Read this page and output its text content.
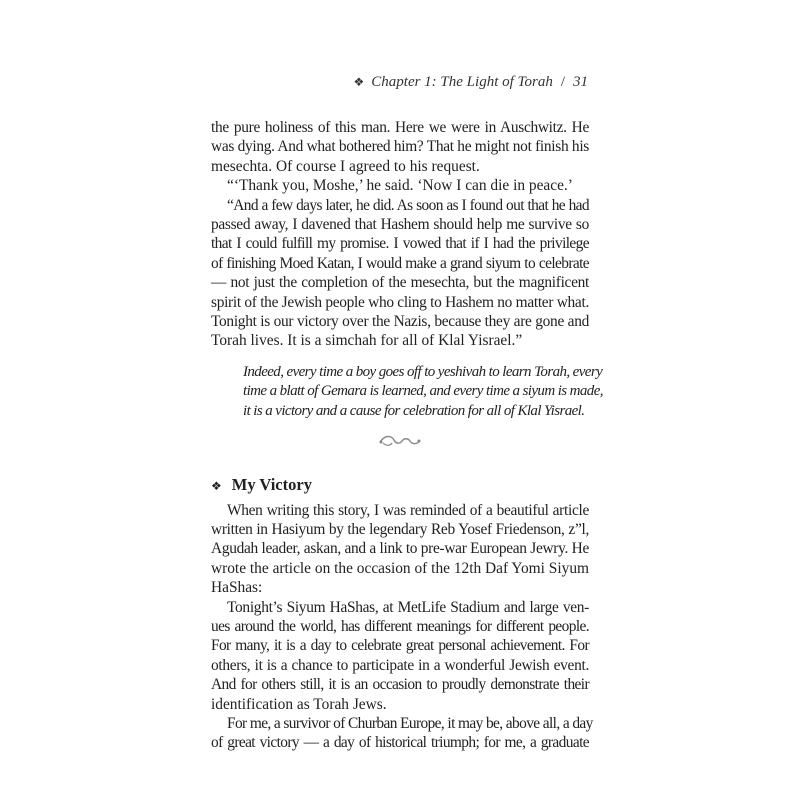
❖ Chapter 1: The Light of Torah / 31

the pure holiness of this man. Here we were in Auschwitz. He
was dying. And what bothered him? That he might not finish his
mesechta. Of course I agreed to his request.

“‘Thank you, Moshe,’ he said. ‘Now I can die in peace.’

“And a few days later, he did. As soon as I found out that he had
passed away, I davened that Hashem should help me survive so
that I could fulfill my promise. I vowed that if I had the privilege
of finishing Moed Katan, I would make a grand siyum to celebrate
— not just the completion of the mesechta, but the magnificent
spirit of the Jewish people who cling to Hashem no matter what.
Tonight is our victory over the Nazis, because they are gone and
Torah lives. It is a simchah for all of Klal Yisrael.”

Indeed, every time a boy goes off to yeshivah to learn Torah, every
time a blatt of Gemara is learned, and every time a siyum is made,
it is a victory and a cause for celebration for all of Klal Yisrael.

❖ My Victory

When writing this story, I was reminded of a beautiful article
written in Hasiyum by the legendary Reb Yosef Friedenson, z”l,
Agudah leader, askan, and a link to pre-war European Jewry. He
wrote the article on the occasion of the 12th Daf Yomi Siyum
HaShas:

Tonight’s Siyum HaShas, at MetLife Stadium and large ven-
ues around the world, has different meanings for different people.
For many, it is a day to celebrate great personal achievement. For
others, it is a chance to participate in a wonderful Jewish event.
And for others still, it is an occasion to proudly demonstrate their
identification as Torah Jews.

For me, a survivor of Churban Europe, it may be, above all, a day
of great victory — a day of historical triumph; for me, a graduate
